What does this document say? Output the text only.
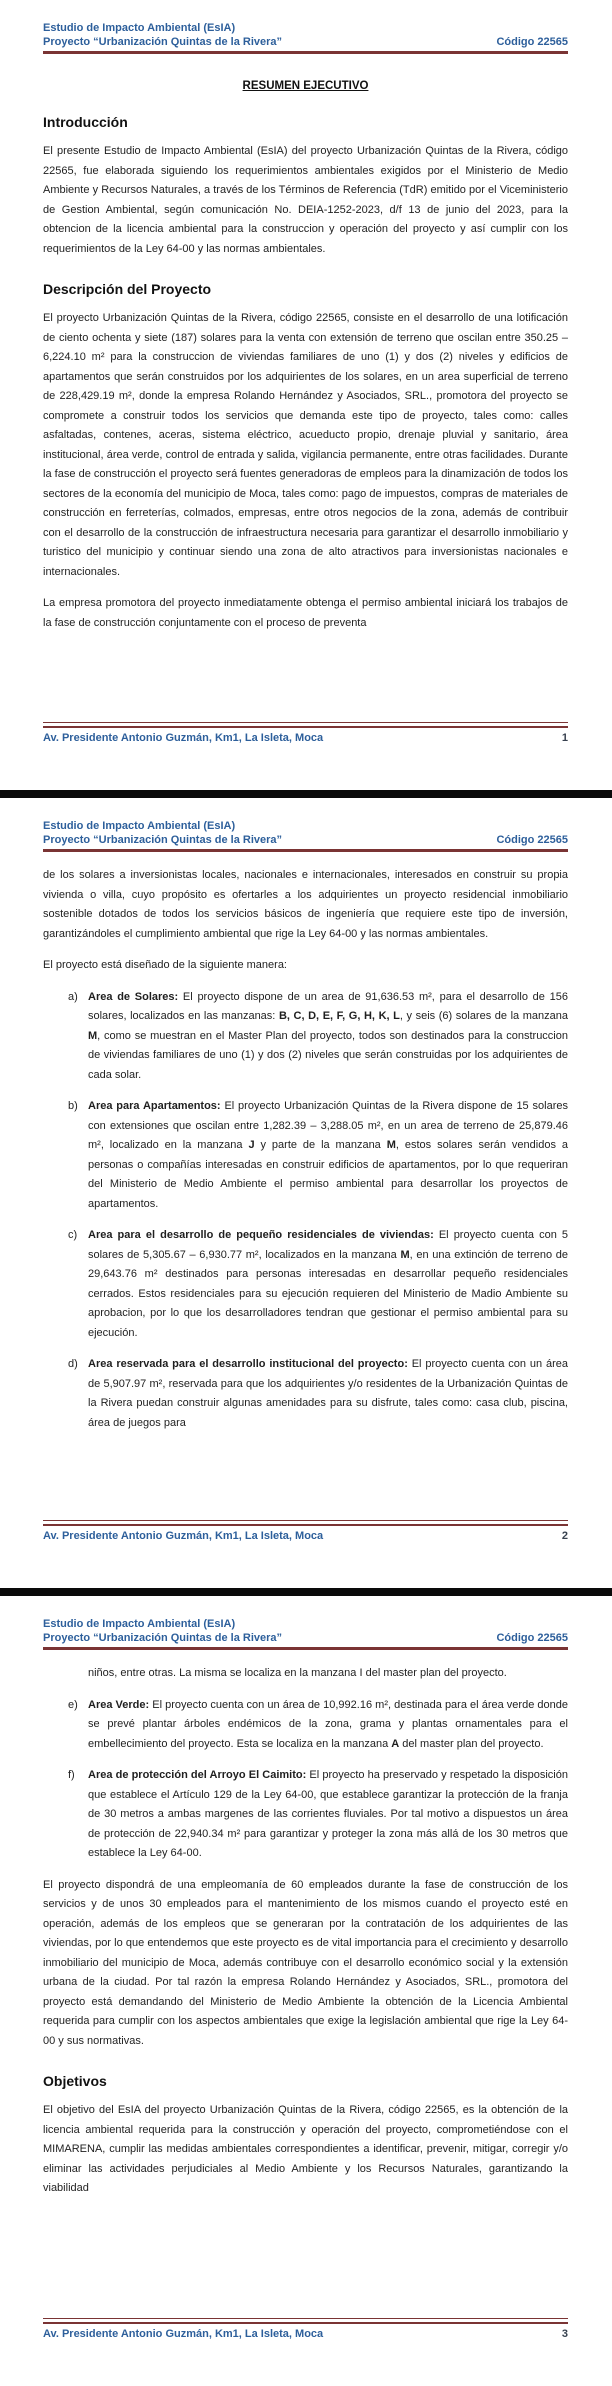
Estudio de Impacto Ambiental (EsIA)
Proyecto “Urbanización Quintas de la Rivera”	Código 22565
RESUMEN EJECUTIVO
Introducción
El presente Estudio de Impacto Ambiental (EsIA) del proyecto Urbanización Quintas de la Rivera, código 22565, fue elaborada siguiendo los requerimientos ambientales exigidos por el Ministerio de Medio Ambiente y Recursos Naturales, a través de los Términos de Referencia (TdR) emitido por el Viceministerio de Gestion Ambiental, según comunicación No. DEIA-1252-2023, d/f 13 de junio del 2023, para la obtencion de la licencia ambiental para la construccion y operación del proyecto y así cumplir con los requerimientos de la Ley 64-00 y las normas ambientales.
Descripción del Proyecto
El proyecto Urbanización Quintas de la Rivera, código 22565, consiste en el desarrollo de una lotificación de ciento ochenta y siete (187) solares para la venta con extensión de terreno que oscilan entre 350.25 – 6,224.10 m² para la construccion de viviendas familiares de uno (1) y dos (2) niveles y edificios de apartamentos que serán construidos por los adquirientes de los solares, en un area superficial de terreno de 228,429.19 m², donde la empresa Rolando Hernández y Asociados, SRL., promotora del proyecto se compromete a construir todos los servicios que demanda este tipo de proyecto, tales como: calles asfaltadas, contenes, aceras, sistema eléctrico, acueducto propio, drenaje pluvial y sanitario, área institucional, área verde, control de entrada y salida, vigilancia permanente, entre otras facilidades. Durante la fase de construcción el proyecto será fuentes generadoras de empleos para la dinamización de todos los sectores de la economía del municipio de Moca, tales como: pago de impuestos, compras de materiales de construcción en ferreterías, colmados, empresas, entre otros negocios de la zona, además de contribuir con el desarrollo de la construcción de infraestructura necesaria para garantizar el desarrollo inmobiliario y turistico del municipio y continuar siendo una zona de alto atractivos para inversionistas nacionales e internacionales.
La empresa promotora del proyecto inmediatamente obtenga el permiso ambiental iniciará los trabajos de la fase de construcción conjuntamente con el proceso de preventa
Av. Presidente Antonio Guzmán, Km1, La Isleta, Moca	1
Estudio de Impacto Ambiental (EsIA)
Proyecto “Urbanización Quintas de la Rivera”	Código 22565
de los solares a inversionistas locales, nacionales e internacionales, interesados en construir su propia vivienda o villa, cuyo propósito es ofertarles a los adquirientes un proyecto residencial inmobiliario sostenible dotados de todos los servicios básicos de ingeniería que requiere este tipo de inversión, garantizándoles el cumplimiento ambiental que rige la Ley 64-00 y las normas ambientales.
El proyecto está diseñado de la siguiente manera:
a) Area de Solares: El proyecto dispone de un area de 91,636.53 m², para el desarrollo de 156 solares, localizados en las manzanas: B, C, D, E, F, G, H, K, L, y seis (6) solares de la manzana M, como se muestran en el Master Plan del proyecto, todos son destinados para la construccion de viviendas familiares de uno (1) y dos (2) niveles que serán construidas por los adquirientes de cada solar.
b) Area para Apartamentos: El proyecto Urbanización Quintas de la Rivera dispone de 15 solares con extensiones que oscilan entre 1,282.39 – 3,288.05 m², en un area de terreno de 25,879.46 m², localizado en la manzana J y parte de la manzana M, estos solares serán vendidos a personas o compañías interesadas en construir edificios de apartamentos, por lo que requeriran del Ministerio de Medio Ambiente el permiso ambiental para desarrollar los proyectos de apartamentos.
c) Area para el desarrollo de pequeño residenciales de viviendas: El proyecto cuenta con 5 solares de 5,305.67 – 6,930.77 m², localizados en la manzana M, en una extinción de terreno de 29,643.76 m² destinados para personas interesadas en desarrollar pequeño residenciales cerrados. Estos residenciales para su ejecución requieren del Ministerio de Madio Ambiente su aprobacion, por lo que los desarrolladores tendran que gestionar el permiso ambiental para su ejecución.
d) Area reservada para el desarrollo institucional del proyecto: El proyecto cuenta con un área de 5,907.97 m², reservada para que los adquirientes y/o residentes de la Urbanización Quintas de la Rivera puedan construir algunas amenidades para su disfrute, tales como: casa club, piscina, área de juegos para
Av. Presidente Antonio Guzmán, Km1, La Isleta, Moca	2
Estudio de Impacto Ambiental (EsIA)
Proyecto “Urbanización Quintas de la Rivera”	Código 22565
niños, entre otras. La misma se localiza en la manzana I del master plan del proyecto.
e) Area Verde: El proyecto cuenta con un área de 10,992.16 m², destinada para el área verde donde se prevé plantar árboles endémicos de la zona, grama y plantas ornamentales para el embellecimiento del proyecto. Esta se localiza en la manzana A del master plan del proyecto.
f)	Area de protección del Arroyo El Caimito: El proyecto ha preservado y respetado la disposición que establece el Artículo 129 de la Ley 64-00, que establece garantizar la protección de la franja de 30 metros a ambas margenes de las corrientes fluviales. Por tal motivo a dispuestos un área de protección de 22,940.34 m² para garantizar y proteger la zona más allá de los 30 metros que establece la Ley 64-00.
El proyecto dispondrá de una empleomanía de 60 empleados durante la fase de construcción de los servicios y de unos 30 empleados para el mantenimiento de los mismos cuando el proyecto esté en operación, además de los empleos que se generaran por la contratación de los adquirientes de las viviendas, por lo que entendemos que este proyecto es de vital importancia para el crecimiento y desarrollo inmobiliario del municipio de Moca, además contribuye con el desarrollo económico social y la extensión urbana de la ciudad. Por tal razón la empresa Rolando Hernández y Asociados, SRL., promotora del proyecto está demandando del Ministerio de Medio Ambiente la obtención de la Licencia Ambiental requerida para cumplir con los aspectos ambientales que exige la legislación ambiental que rige la Ley 64-00 y sus normativas.
Objetivos
El objetivo del EsIA del proyecto Urbanización Quintas de la Rivera, código 22565, es la obtención de la licencia ambiental requerida para la construcción y operación del proyecto, comprometiéndose con el MIMARENA, cumplir las medidas ambientales correspondientes a identificar, prevenir, mitigar, corregir y/o eliminar las actividades perjudiciales al Medio Ambiente y los Recursos Naturales, garantizando la viabilidad
Av. Presidente Antonio Guzmán, Km1, La Isleta, Moca	3
